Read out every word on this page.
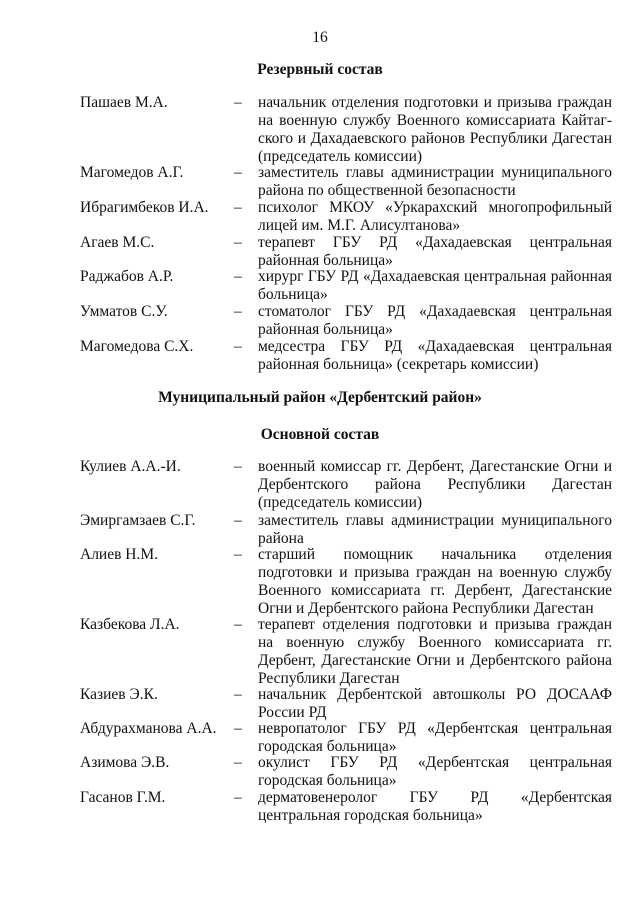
16
Резервный состав
Пашаев М.А.	– начальник отделения подготовки и призыва граждан на военную службу Военного комиссариата Кайтаг-ского и Дахадаевского районов Республики Дагестан (председатель комиссии)
Магомедов А.Г.	– заместитель главы администрации муниципального района по общественной безопасности
Ибрагимбеков И.А. – психолог МКОУ «Уркарахский многопрофильный лицей им. М.Г. Алисултанова»
Агаев М.С.	– терапевт ГБУ РД «Дахадаевская центральная районная больница»
Раджабов А.Р.	– хирург ГБУ РД «Дахадаевская центральная районная больница»
Умматов С.У.	– стоматолог ГБУ РД «Дахадаевская центральная районная больница»
Магомедова С.Х.	– медсестра ГБУ РД «Дахадаевская центральная районная больница» (секретарь комиссии)
Муниципальный район «Дербентский район»
Основной состав
Кулиев А.А.-И.	– военный комиссар гг. Дербент, Дагестанские Огни и Дербентского района Республики Дагестан (председатель комиссии)
Эмиргамзаев С.Г. – заместитель главы администрации муниципального района
Алиев Н.М.	– старший помощник начальника отделения подготовки и призыва граждан на военную службу Военного комиссариата гг. Дербент, Дагестанские Огни и Дербентского района Республики Дагестан
Казбекова Л.А.	– терапевт отделения подготовки и призыва граждан на военную службу Военного комиссариата гг. Дербент, Дагестанские Огни и Дербентского района Республики Дагестан
Казиев Э.К.	– начальник Дербентской автошколы РО ДОСААФ России РД
Абдурахманова А.А. – невропатолог ГБУ РД «Дербентская центральная городская больница»
Азимова Э.В.	– окулист ГБУ РД «Дербентская центральная городская больница»
Гасанов Г.М.	– дерматовенеролог ГБУ РД «Дербентская центральная городская больница»
